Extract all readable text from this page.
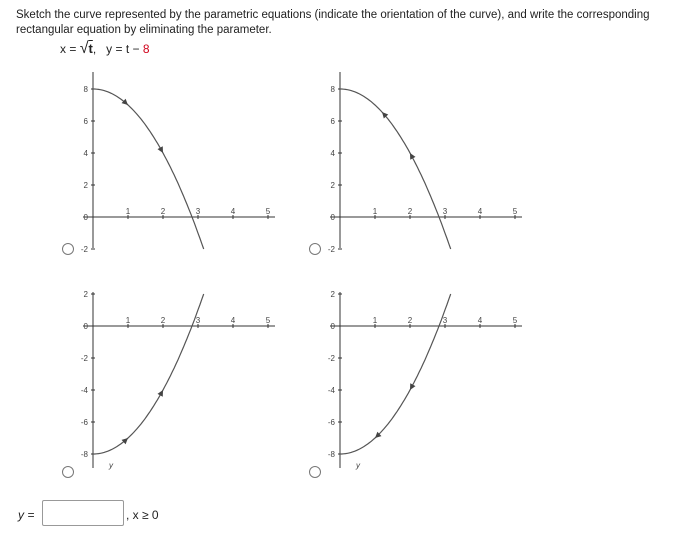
Sketch the curve represented by the parametric equations (indicate the orientation of the curve), and write the corresponding rectangular equation by eliminating the parameter.
x = √t, y = t − 8
1	2	3	4	5
8
6
4
2
0
-2
1	2	3	4	5
8
6
4
2
0
-2
1	2	3	4	5
2
0
-2
-4
-6
-8
y
1	2	3	4	5
2
0
-2
-4
-6
-8
y
y =	, x ≥ 0
